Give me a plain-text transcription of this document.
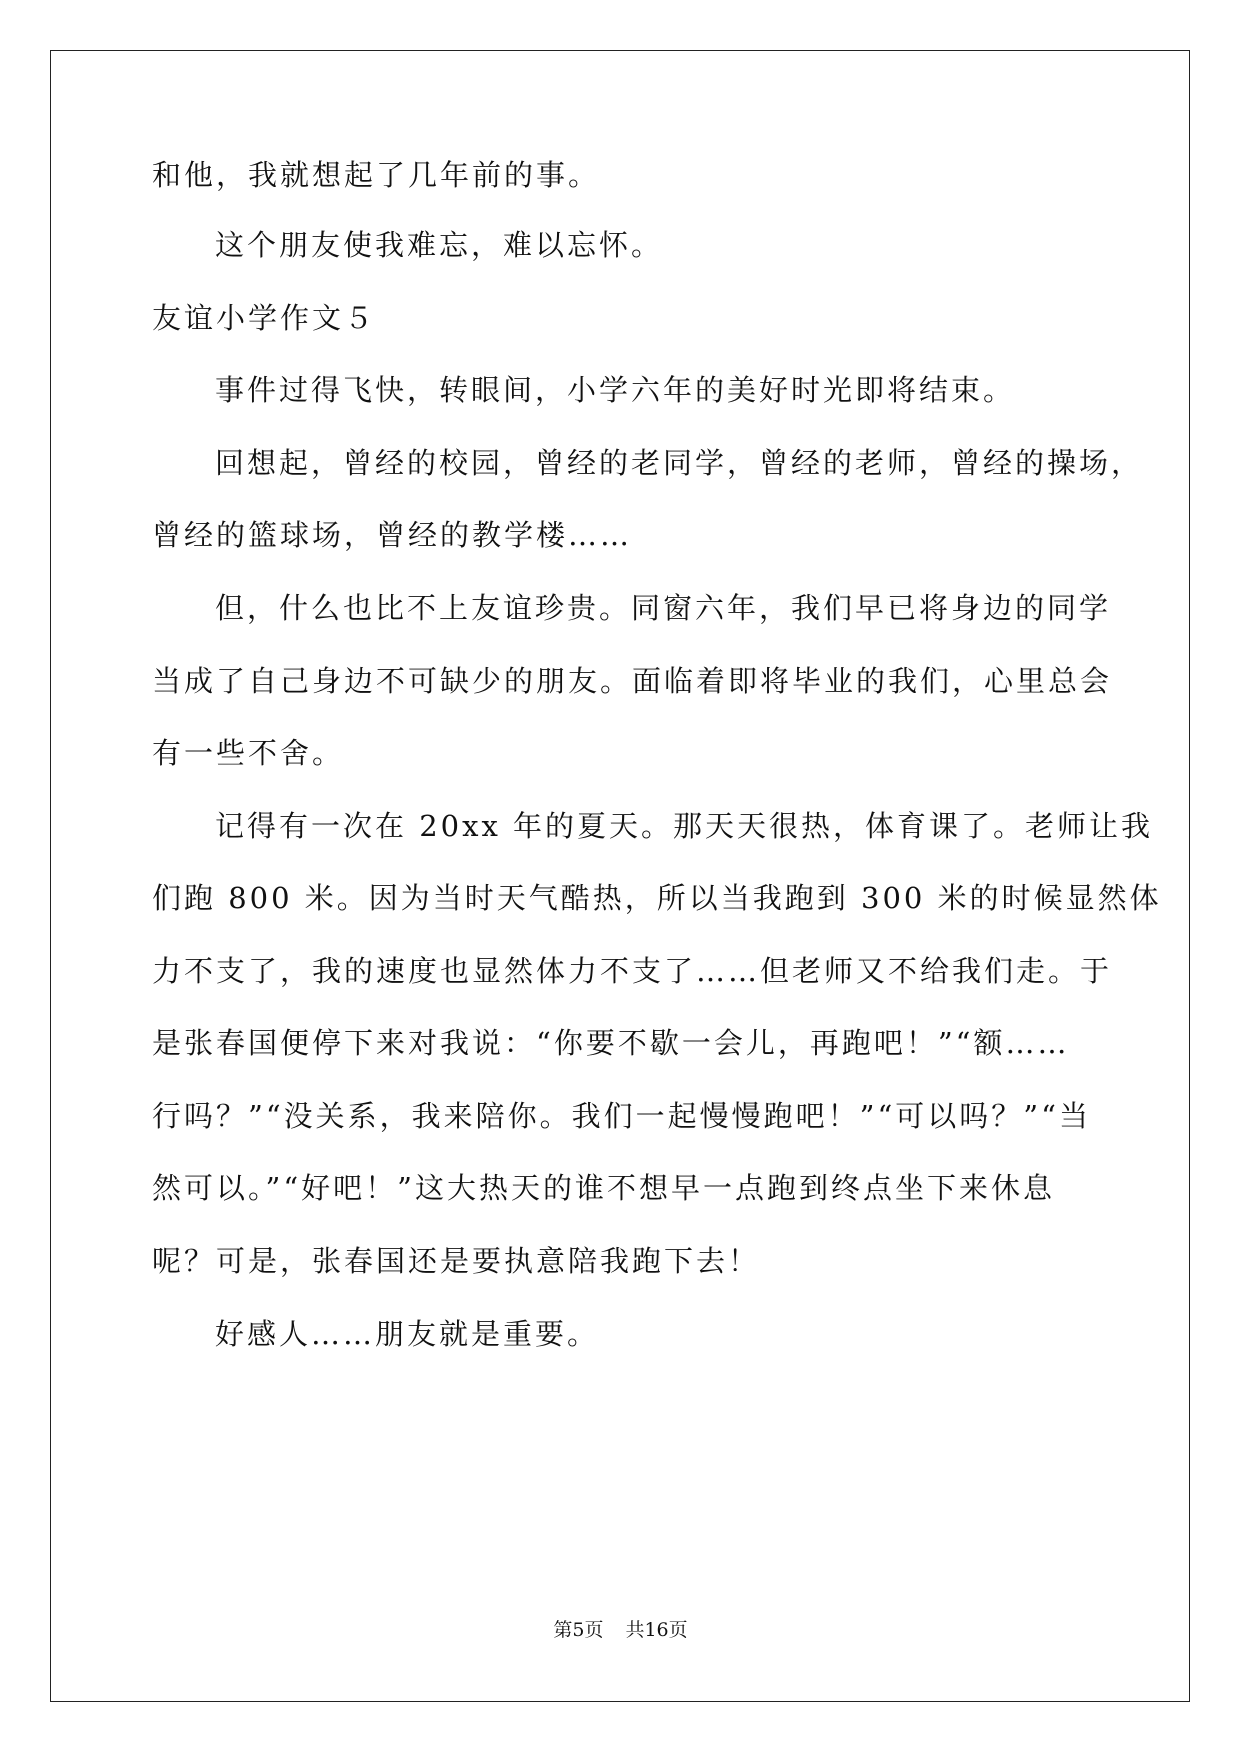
和他，我就想起了几年前的事。
这个朋友使我难忘，难以忘怀。
友谊小学作文５
事件过得飞快，转眼间，小学六年的美好时光即将结束。
回想起，曾经的校园，曾经的老同学，曾经的老师，曾经的操场，
曾经的篮球场，曾经的教学楼……
但，什么也比不上友谊珍贵。同窗六年，我们早已将身边的同学
当成了自己身边不可缺少的朋友。面临着即将毕业的我们，心里总会
有一些不舍。
记得有一次在 20xx 年的夏天。那天天很热，体育课了。老师让我
们跑 800 米。因为当时天气酷热，所以当我跑到 300 米的时候显然体
力不支了，我的速度也显然体力不支了……但老师又不给我们走。于
是张春国便停下来对我说：“你要不歇一会儿，再跑吧！”“额……
行吗？”“没关系，我来陪你。我们一起慢慢跑吧！”“可以吗？”“当
然可以。”“好吧！”这大热天的谁不想早一点跑到终点坐下来休息
呢？可是，张春国还是要执意陪我跑下去！
好感人……朋友就是重要。
第5页 共16页
